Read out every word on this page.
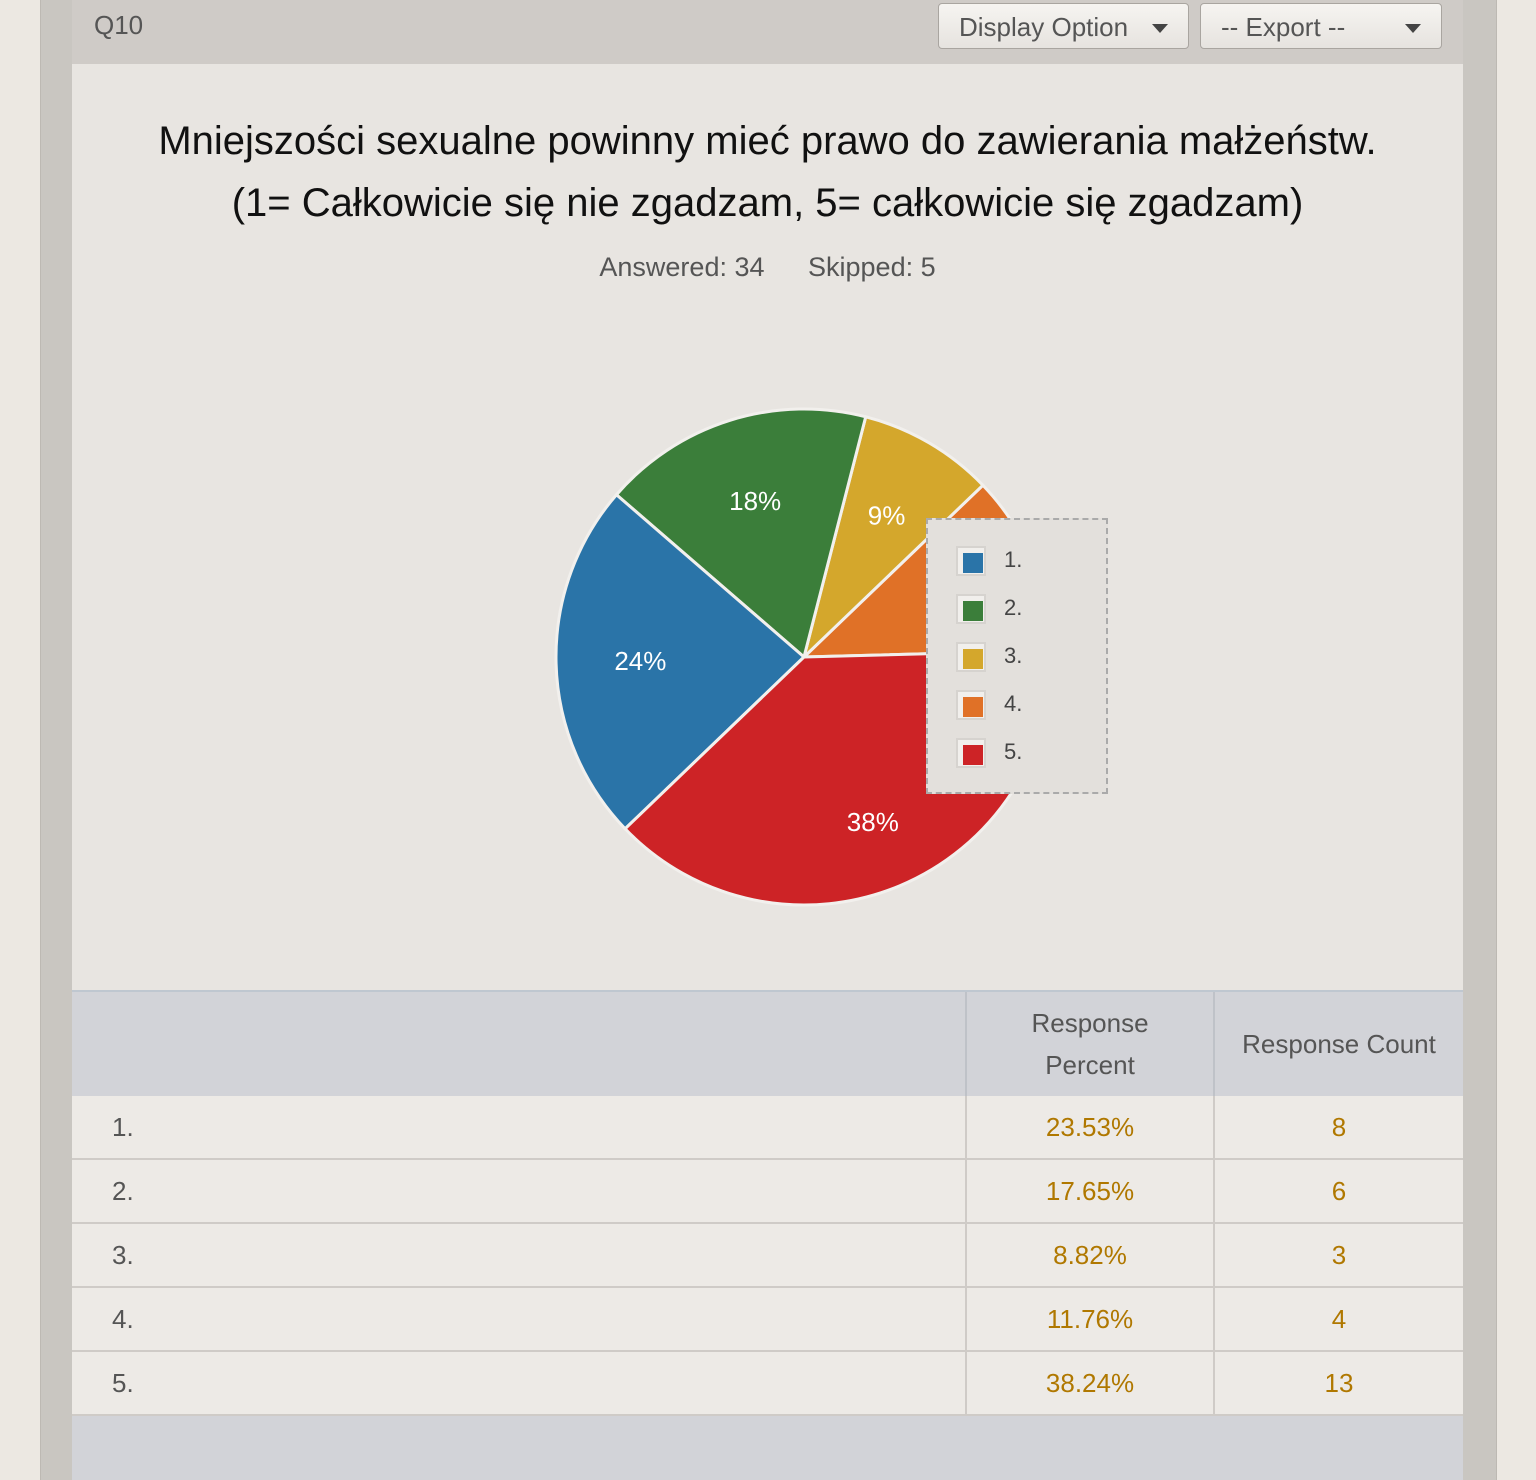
Q10	Display Option	-- Export --
Mniejszości sexualne powinny mieć prawo do zawierania małżeństw.
(1= Całkowicie się nie zgadzam, 5= całkowicie się zgadzam)
Answered: 34 Skipped: 5
9%
18%
24%
38%
1.
2.
3.
4.
5.
Response Percent
Response Count
1.	23.53%	8
2.	17.65%	6
3.	8.82%	3
4.	11.76%	4
5.	38.24%	13
